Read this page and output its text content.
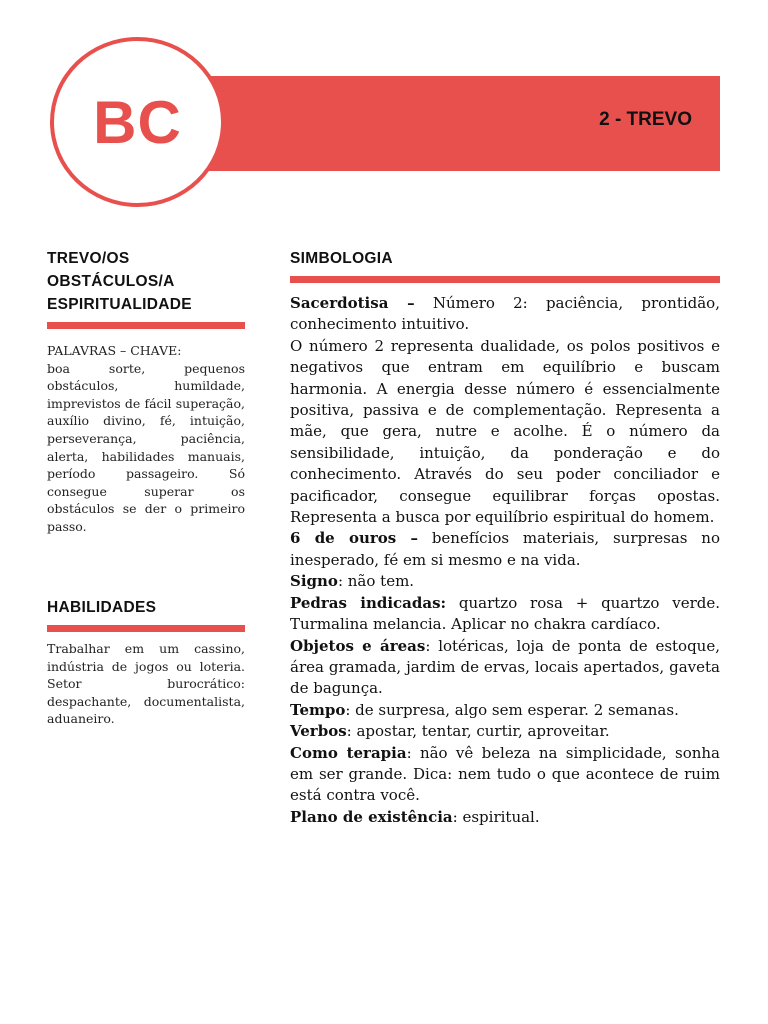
2 - TREVO
BC
TREVO/OS OBSTÁCULOS/A ESPIRITUALIDADE
PALAVRAS – CHAVE:
boa sorte, pequenos obstáculos, humildade, imprevistos de fácil superação, auxílio divino, fé, intuição, perseverança, paciência, alerta, habilidades manuais, período passageiro. Só consegue superar os obstáculos se der o primeiro passo.
HABILIDADES
Trabalhar em um cassino, indústria de jogos ou loteria. Setor burocrático: despachante, documentalista, aduaneiro.
SIMBOLOGIA

Sacerdotisa – Número 2: paciência, prontidão, conhecimento intuitivo.

O número 2 representa dualidade, os polos positivos e negativos que entram em equilíbrio e buscam harmonia. A energia desse número é essencialmente positiva, passiva e de complementação. Representa a mãe, que gera, nutre e acolhe. É o número da sensibilidade, intuição, da ponderação e do conhecimento. Através do seu poder conciliador e pacificador, consegue equilibrar forças opostas. Representa a busca por equilíbrio espiritual do homem.

6 de ouros – benefícios materiais, surpresas no inesperado, fé em si mesmo e na vida.

Signo: não tem.

Pedras indicadas: quartzo rosa + quartzo verde. Turmalina melancia. Aplicar no chakra cardíaco.

Objetos e áreas: lotéricas, loja de ponta de estoque, área gramada, jardim de ervas, locais apertados, gaveta de bagunça.

Tempo: de surpresa, algo sem esperar. 2 semanas.

Verbos: apostar, tentar, curtir, aproveitar.

Como terapia: não vê beleza na simplicidade, sonha em ser grande. Dica: nem tudo o que acontece de ruim está contra você.

Plano de existência: espiritual.
